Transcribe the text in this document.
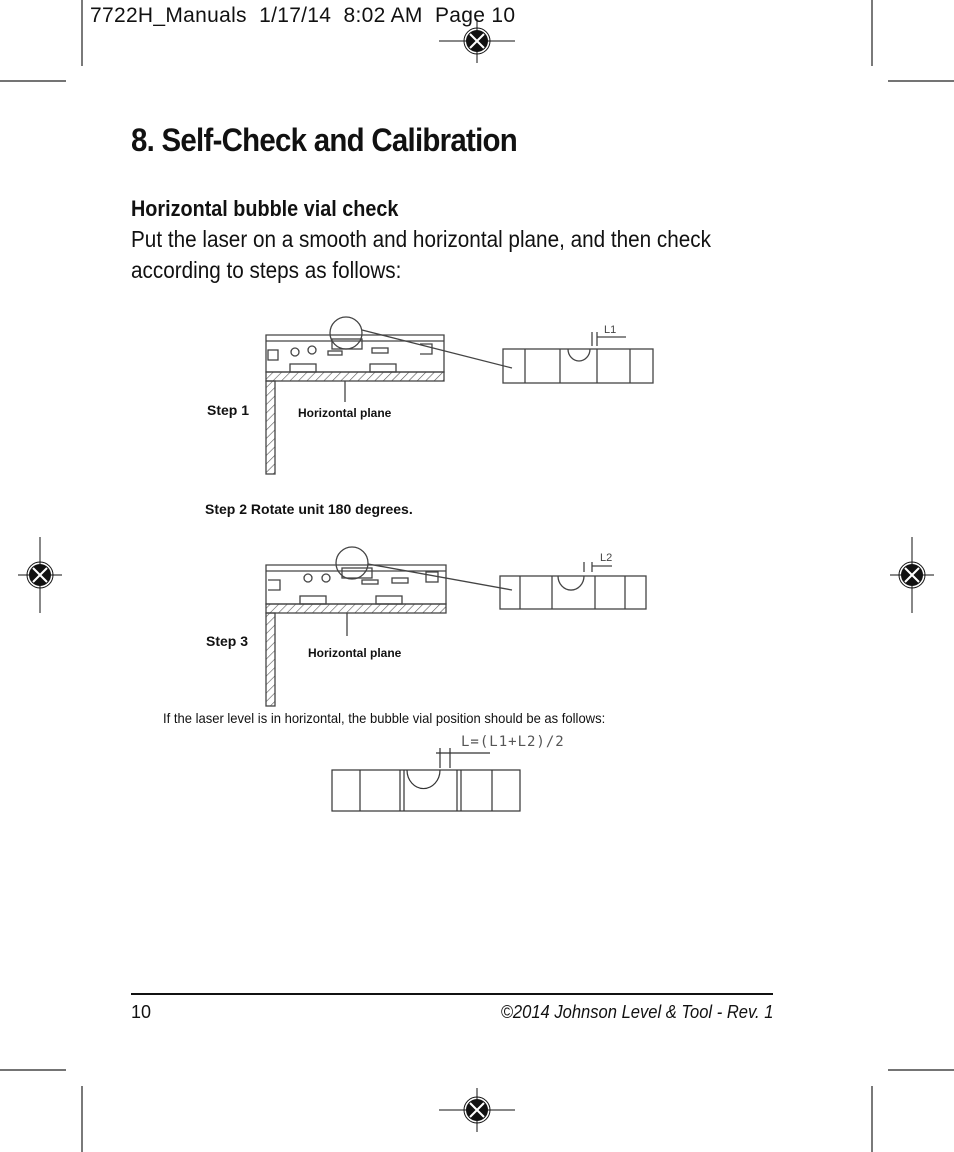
7722H_Manuals  1/17/14  8:02 AM  Page 10
8. Self-Check and Calibration
Horizontal bubble vial check

Put the laser on a smooth and horizontal plane, and then check according to steps as follows:

Step 1	Horizontal plane
L1
Step 2 Rotate unit 180 degrees.
Step 3
Horizontal plane
L2
If the laser level is in horizontal, the bubble vial position should be as follows:
L=(L1+L2)/2
10	©2014 Johnson Level & Tool - Rev. 1
